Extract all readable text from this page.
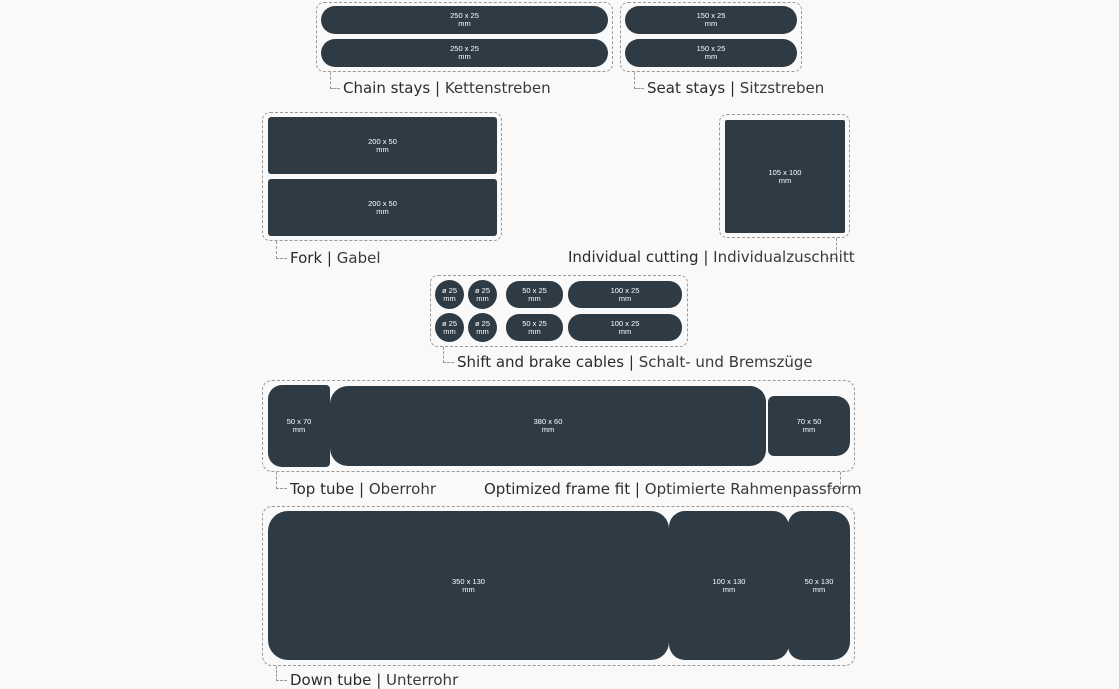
250 x 25
mm
250 x 25
mm
Chain stays | Kettenstreben
150 x 25
mm
150 x 25
mm
Seat stays | Sitzstreben
200 x 50
mm
200 x 50
mm
Fork | Gabel
105 x 100
mm
Individual cutting | Individualzuschnitt
ø 25
mm
ø 25
mm
50 x 25
mm
100 x 25
mm
ø 25
mm
ø 25
mm
50 x 25
mm
100 x 25
mm
Shift and brake cables | Schalt- und Bremszüge
50 x 70
mm
380 x 60
mm
70 x 50
mm
Top tube | Oberrohr	Optimized frame fit | Optimierte Rahmenpassform
350 x 130
mm
100 x 130
mm
50 x 130
mm
Down tube | Unterrohr
